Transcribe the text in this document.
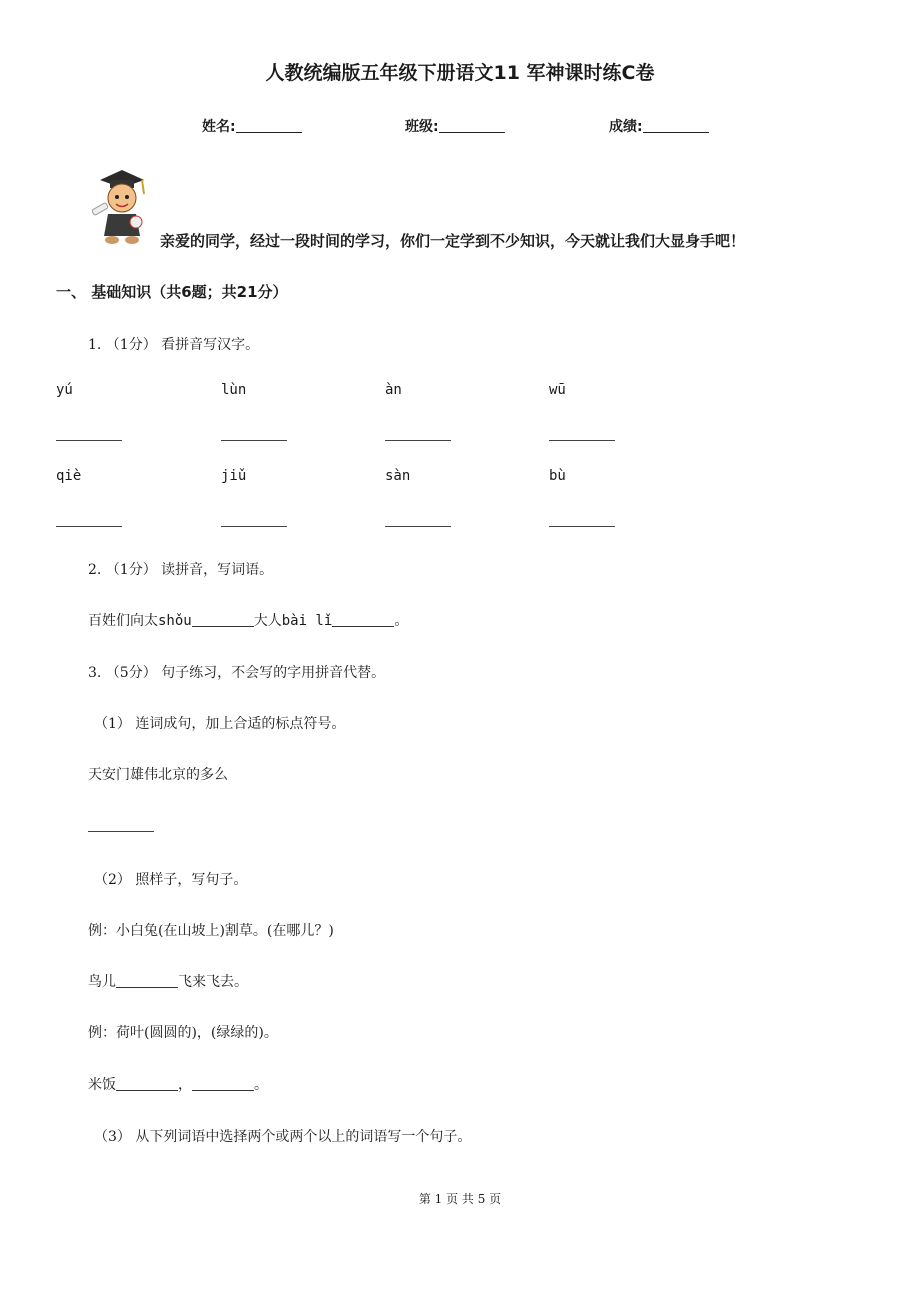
人教统编版五年级下册语文11 军神课时练C卷
姓名:	班级:	成绩:
亲爱的同学，经过一段时间的学习，你们一定学到不少知识，今天就让我们大显身手吧！
一、 基础知识（共6题；共21分）
1. （1分） 看拼音写汉字。
yú	lùn	àn	wū
qiè	jiǔ	sàn	bù
2. （1分） 读拼音，写词语。
百姓们向太shǒu	大人bài lǐ	。
3. （5分） 句子练习，不会写的字用拼音代替。
（1） 连词成句，加上合适的标点符号。
天安门雄伟北京的多么
（2） 照样子，写句子。
例：小白兔(在山坡上)割草。(在哪儿？)
鸟儿	飞来飞去。
例：荷叶(圆圆的)，(绿绿的)。
米饭	，	。
（3） 从下列词语中选择两个或两个以上的词语写一个句子。
第 1 页 共 5 页
